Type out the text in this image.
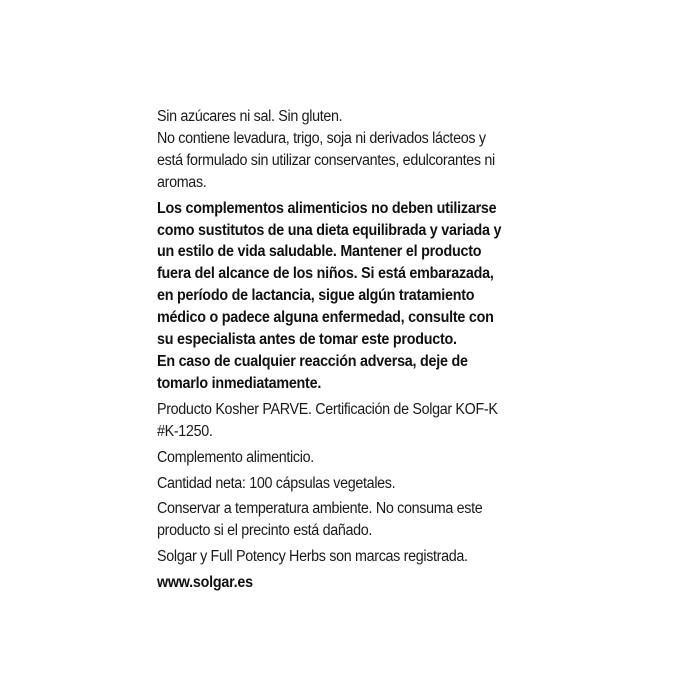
Sin azúcares ni sal. Sin gluten.
No contiene levadura, trigo, soja ni derivados lácteos y
está formulado sin utilizar conservantes, edulcorantes ni
aromas.

Los complementos alimenticios no deben utilizarse
como sustitutos de una dieta equilibrada y variada y
un estilo de vida saludable. Mantener el producto
fuera del alcance de los niños. Si está embarazada,
en período de lactancia, sigue algún tratamiento
médico o padece alguna enfermedad, consulte con
su especialista antes de tomar este producto.
En caso de cualquier reacción adversa, deje de
tomarlo inmediatamente.

Producto Kosher PARVE. Certificación de Solgar KOF-K
#K-1250.

Complemento alimenticio.

Cantidad neta: 100 cápsulas vegetales.

Conservar a temperatura ambiente. No consuma este
producto si el precinto está dañado.

Solgar y Full Potency Herbs son marcas registrada.

www.solgar.es
